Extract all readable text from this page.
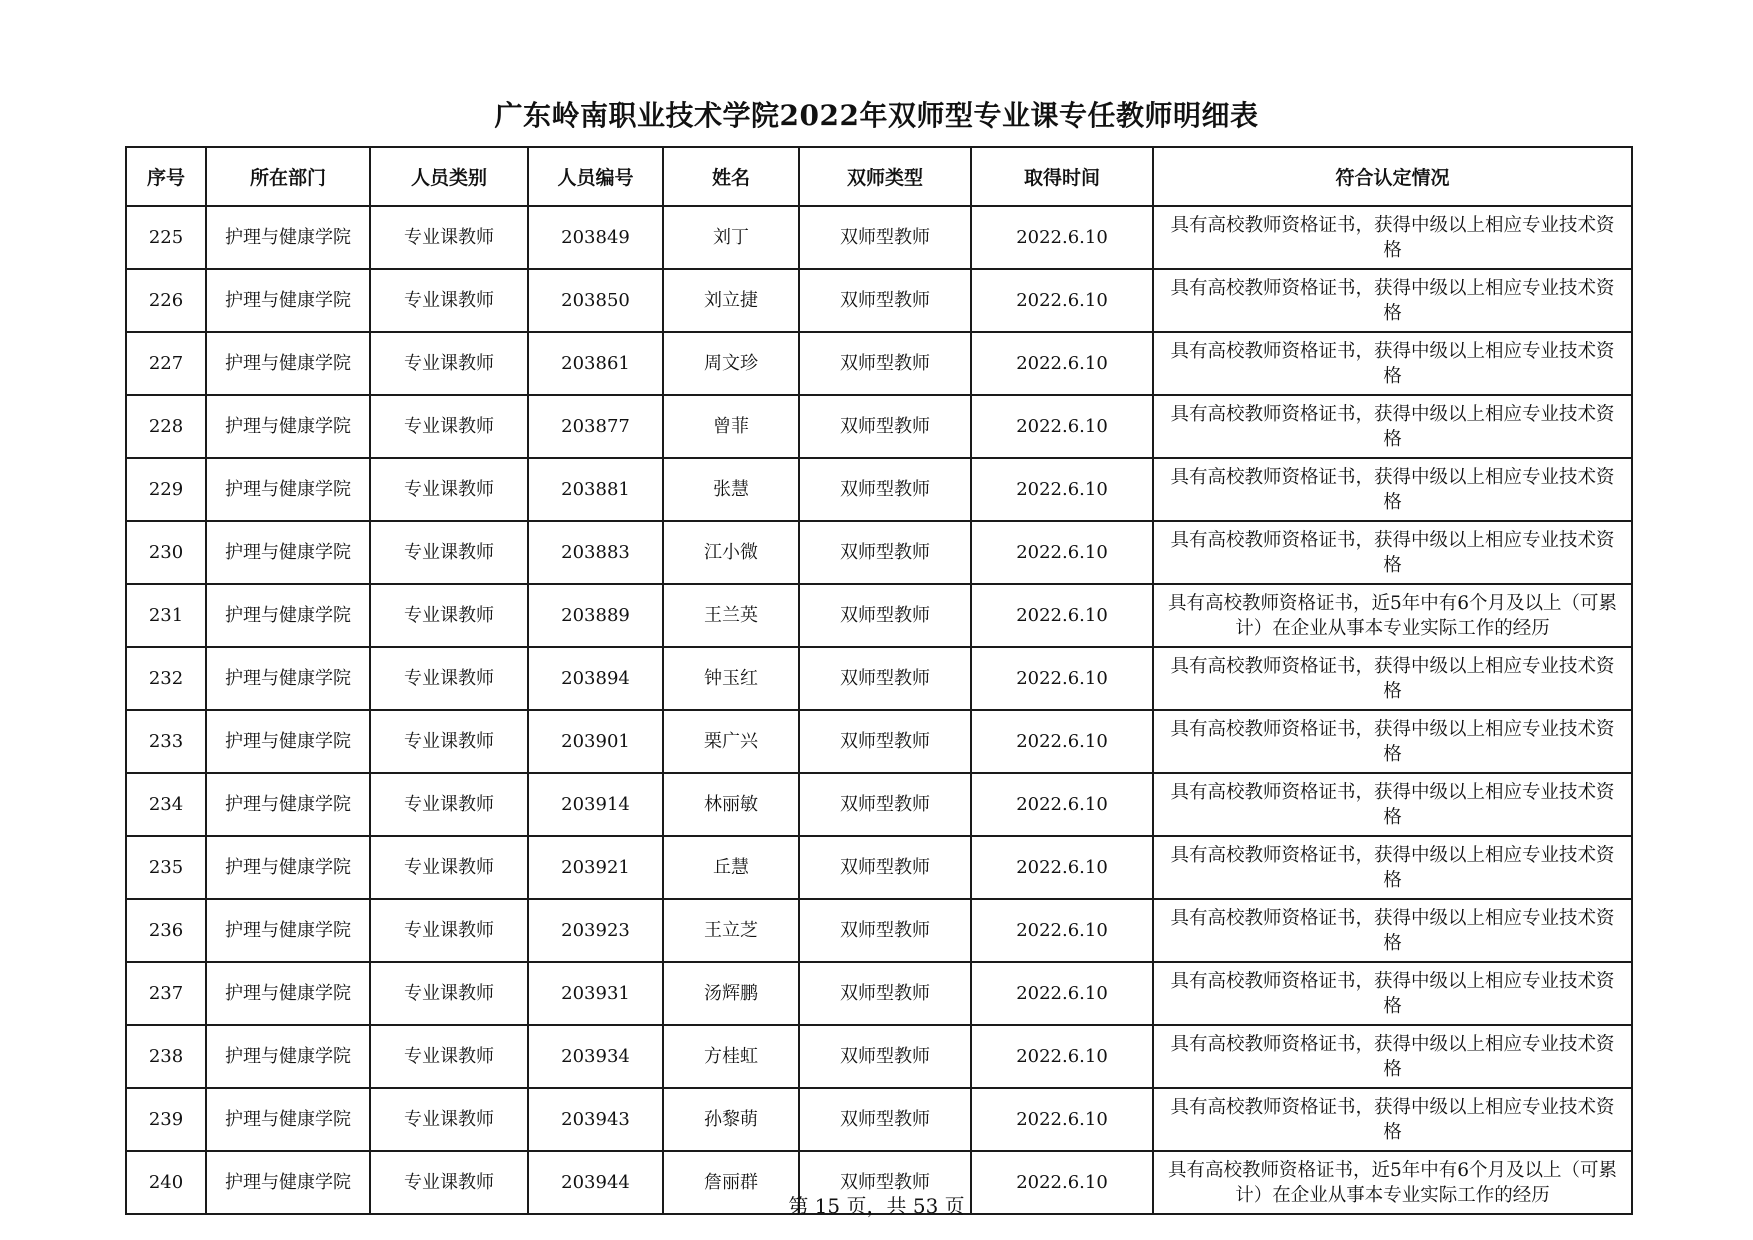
广东岭南职业技术学院2022年双师型专业课专任教师明细表
序号	所在部门	人员类别	人员编号	姓名	双师类型	取得时间	符合认定情况
225	护理与健康学院	专业课教师	203849	刘丁	双师型教师	2022.6.10	具有高校教师资格证书，获得中级以上相应专业技术资格
226	护理与健康学院	专业课教师	203850	刘立捷	双师型教师	2022.6.10	具有高校教师资格证书，获得中级以上相应专业技术资格
227	护理与健康学院	专业课教师	203861	周文珍	双师型教师	2022.6.10	具有高校教师资格证书，获得中级以上相应专业技术资格
228	护理与健康学院	专业课教师	203877	曾菲	双师型教师	2022.6.10	具有高校教师资格证书，获得中级以上相应专业技术资格
229	护理与健康学院	专业课教师	203881	张慧	双师型教师	2022.6.10	具有高校教师资格证书，获得中级以上相应专业技术资格
230	护理与健康学院	专业课教师	203883	江小微	双师型教师	2022.6.10	具有高校教师资格证书，获得中级以上相应专业技术资格
231	护理与健康学院	专业课教师	203889	王兰英	双师型教师	2022.6.10	具有高校教师资格证书，近5年中有6个月及以上（可累计）在企业从事本专业实际工作的经历
232	护理与健康学院	专业课教师	203894	钟玉红	双师型教师	2022.6.10	具有高校教师资格证书，获得中级以上相应专业技术资格
233	护理与健康学院	专业课教师	203901	栗广兴	双师型教师	2022.6.10	具有高校教师资格证书，获得中级以上相应专业技术资格
234	护理与健康学院	专业课教师	203914	林丽敏	双师型教师	2022.6.10	具有高校教师资格证书，获得中级以上相应专业技术资格
235	护理与健康学院	专业课教师	203921	丘慧	双师型教师	2022.6.10	具有高校教师资格证书，获得中级以上相应专业技术资格
236	护理与健康学院	专业课教师	203923	王立芝	双师型教师	2022.6.10	具有高校教师资格证书，获得中级以上相应专业技术资格
237	护理与健康学院	专业课教师	203931	汤辉鹏	双师型教师	2022.6.10	具有高校教师资格证书，获得中级以上相应专业技术资格
238	护理与健康学院	专业课教师	203934	方桂虹	双师型教师	2022.6.10	具有高校教师资格证书，获得中级以上相应专业技术资格
239	护理与健康学院	专业课教师	203943	孙黎萌	双师型教师	2022.6.10	具有高校教师资格证书，获得中级以上相应专业技术资格
240	护理与健康学院	专业课教师	203944	詹丽群	双师型教师	2022.6.10	具有高校教师资格证书，近5年中有6个月及以上（可累计）在企业从事本专业实际工作的经历
第 15 页，共 53 页
